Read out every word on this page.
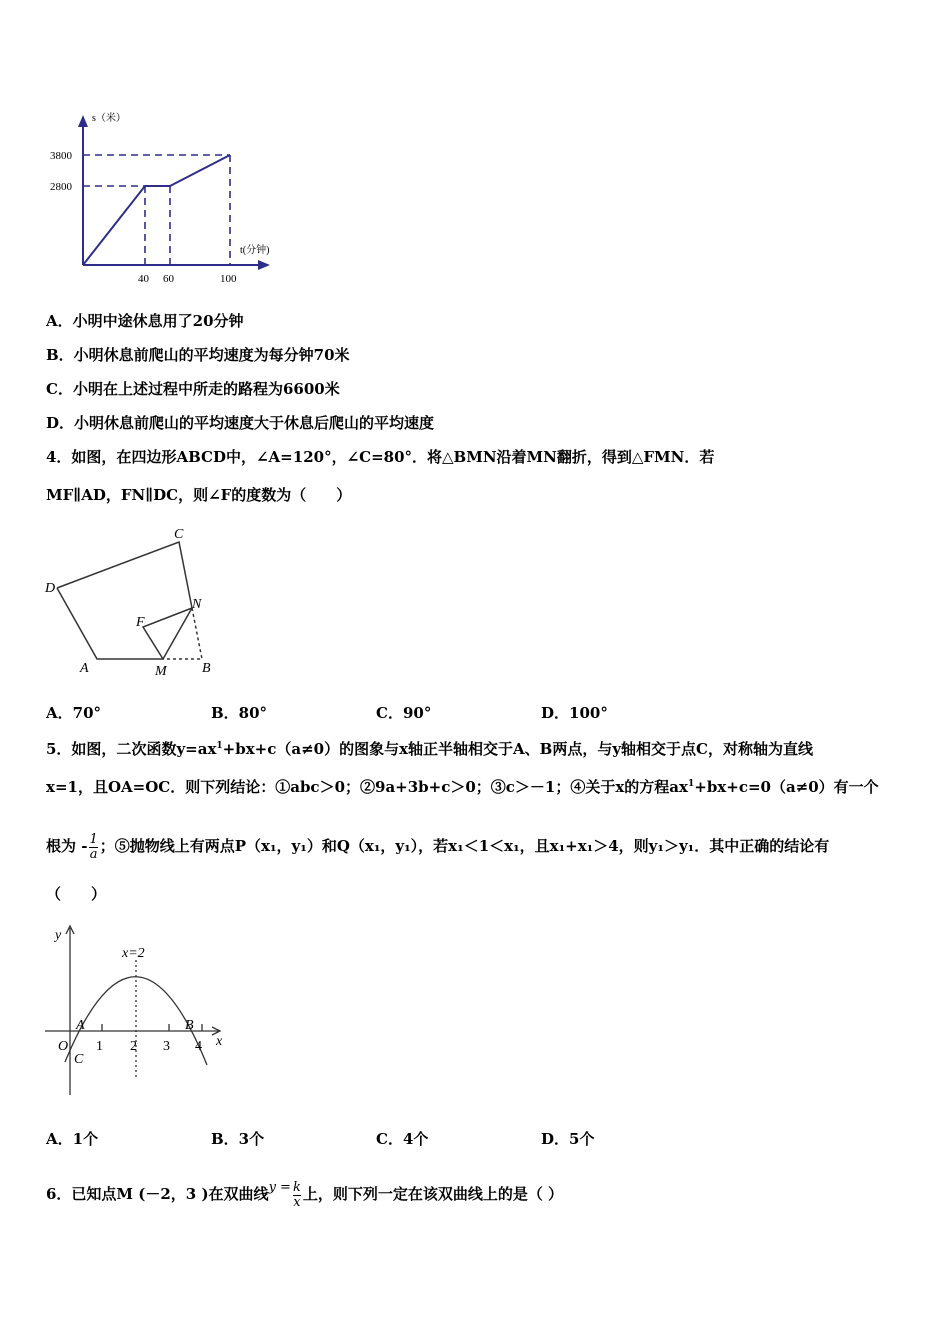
s（米）
t(分钟)
3800
2800
40 60	100
A．小明中途休息用了20分钟
B．小明休息前爬山的平均速度为每分钟70米
C．小明在上述过程中所走的路程为6600米
D．小明休息前爬山的平均速度大于休息后爬山的平均速度
4．如图，在四边形ABCD中，∠A=120°，∠C=80°．将△BMN沿着MN翻折，得到△FMN．若
MF∥AD，FN∥DC，则∠F的度数为（　　）
C
D
N
F
A	M	B
A．70°	B．80°	C．90°	D．100°
5．如图，二次函数$y=ax^1+bx+c(a\ne 0)$的图象与x轴正半轴相交于A、B两点，与y轴相交于点C，对称轴为直线
x=1，且OA=OC．则下列结论：①abc＞0；②9a+3b+c＞0；③c＞－1；④关于x的方程$ax^1+bx+c=0(a\ne 0)$有一个
根为 - $\frac{1}{a}$ ；⑤抛物线上有两点P（x₁，y₁）和Q（x₁，y₁），若x₁＜1＜x₁，且x₁+x₁＞4，则y₁＞y₁．其中正确的结论有
（　　）
y
x=2
A	B
O
C
x
1 2 3 4
A．1个	B．3个	C．4个	D．5个
6．已知点M (－2，3 )在双曲线$y = \frac{k}{x}$ 上，则下列一定在该双曲线上的是（ ）
